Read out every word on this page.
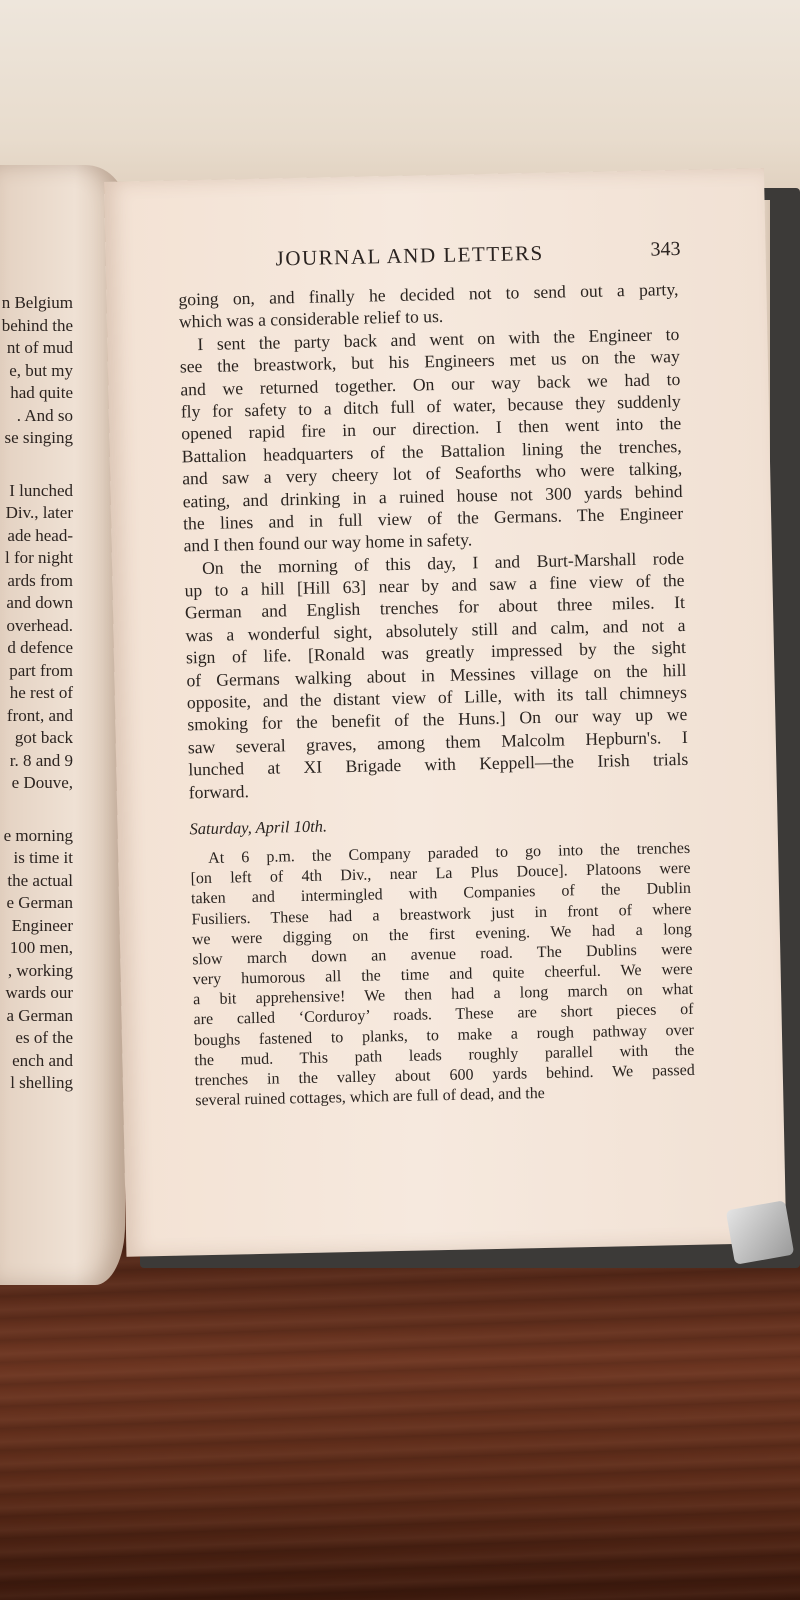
n Belgium
behind the
nt of mud
e, but my
had quite
. And so
se singing
I lunched
Div., later
ade head-
l for night
ards from
and down
overhead.
d defence
part from
he rest of
front, and
got back
r. 8 and 9
e Douve,
e morning
is time it
the actual
e German
Engineer
100 men,
, working
wards our
a German
es of the
ench and
l shelling
JOURNAL AND LETTERS	343
going on, and finally he decided not to send out a party,
which was a considerable relief to us.
I sent the party back and went on with the Engineer to
see the breastwork, but his Engineers met us on the way
and we returned together. On our way back we had to
fly for safety to a ditch full of water, because they suddenly
opened rapid fire in our direction. I then went into the
Battalion headquarters of the Battalion lining the trenches,
and saw a very cheery lot of Seaforths who were talking,
eating, and drinking in a ruined house not 300 yards behind
the lines and in full view of the Germans. The Engineer
and I then found our way home in safety.
On the morning of this day, I and Burt-Marshall rode
up to a hill [Hill 63] near by and saw a fine view of the
German and English trenches for about three miles. It
was a wonderful sight, absolutely still and calm, and not a
sign of life. [Ronald was greatly impressed by the sight
of Germans walking about in Messines village on the hill
opposite, and the distant view of Lille, with its tall chimneys
smoking for the benefit of the Huns.] On our way up we
saw several graves, among them Malcolm Hepburn's. I
lunched at XI Brigade with Keppell—the Irish trials
forward.
Saturday, April 10th.
At 6 p.m. the Company paraded to go into the trenches
[on left of 4th Div., near La Plus Douce]. Platoons were
taken and intermingled with Companies of the Dublin
Fusiliers. These had a breastwork just in front of where
we were digging on the first evening. We had a long
slow march down an avenue road. The Dublins were
very humorous all the time and quite cheerful. We were
a bit apprehensive! We then had a long march on what
are called ‘Corduroy’ roads. These are short pieces of
boughs fastened to planks, to make a rough pathway over
the mud. This path leads roughly parallel with the
trenches in the valley about 600 yards behind. We passed
several ruined cottages, which are full of dead, and the
